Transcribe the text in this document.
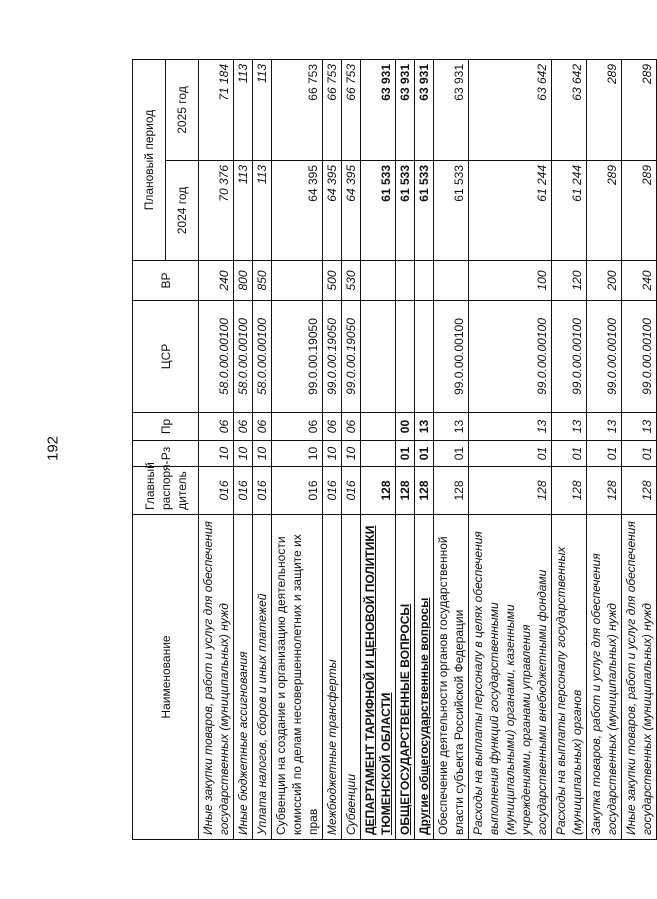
192
Наименование	Главный распоря-дитель	Рз	Пр	ЦСР	ВР	Плановый период	
						2024 год	2025 год
Иные закупки товаров, работ и услуг для обеспечения государственных (муниципальных) нужд	016	10	06	58.0.00.00100	240	70 376	71 184
Иные бюджетные ассигнования	016	10	06	58.0.00.00100	800	113	113
Уплата налогов, сборов и иных платежей	016	10	06	58.0.00.00100	850	113	113
Субвенции на создание и организацию деятельности комиссий по делам несовершеннолетних и защите их прав	016	10	06	99.0.00.19050		64 395	66 753
Межбюджетные трансферты	016	10	06	99.0.00.19050	500	64 395	66 753
Субвенции	016	10	06	99.0.00.19050	530	64 395	66 753
ДЕПАРТАМЕНТ ТАРИФНОЙ И ЦЕНОВОЙ ПОЛИТИКИ ТЮМЕНСКОЙ ОБЛАСТИ	128					61 533	63 931
ОБЩЕГОСУДАРСТВЕННЫЕ ВОПРОСЫ	128	01	00			61 533	63 931
Другие общегосударственные вопросы	128	01	13			61 533	63 931
Обеспечение деятельности органов государственной власти субъекта Российской Федерации	128	01	13	99.0.00.00100		61 533	63 931
Расходы на выплаты персоналу в целях обеспечения выполнения функций государственными (муниципальными) органами, казенными учреждениями, органами управления государственными внебюджетными фондами	128	01	13	99.0.00.00100	100	61 244	63 642
Расходы на выплаты персоналу государственных (муниципальных) органов	128	01	13	99.0.00.00100	120	61 244	63 642
Закупка товаров, работ и услуг для обеспечения государственных (муниципальных) нужд	128	01	13	99.0.00.00100	200	289	289
Иные закупки товаров, работ и услуг для обеспечения государственных (муниципальных) нужд	128	01	13	99.0.00.00100	240	289	289
